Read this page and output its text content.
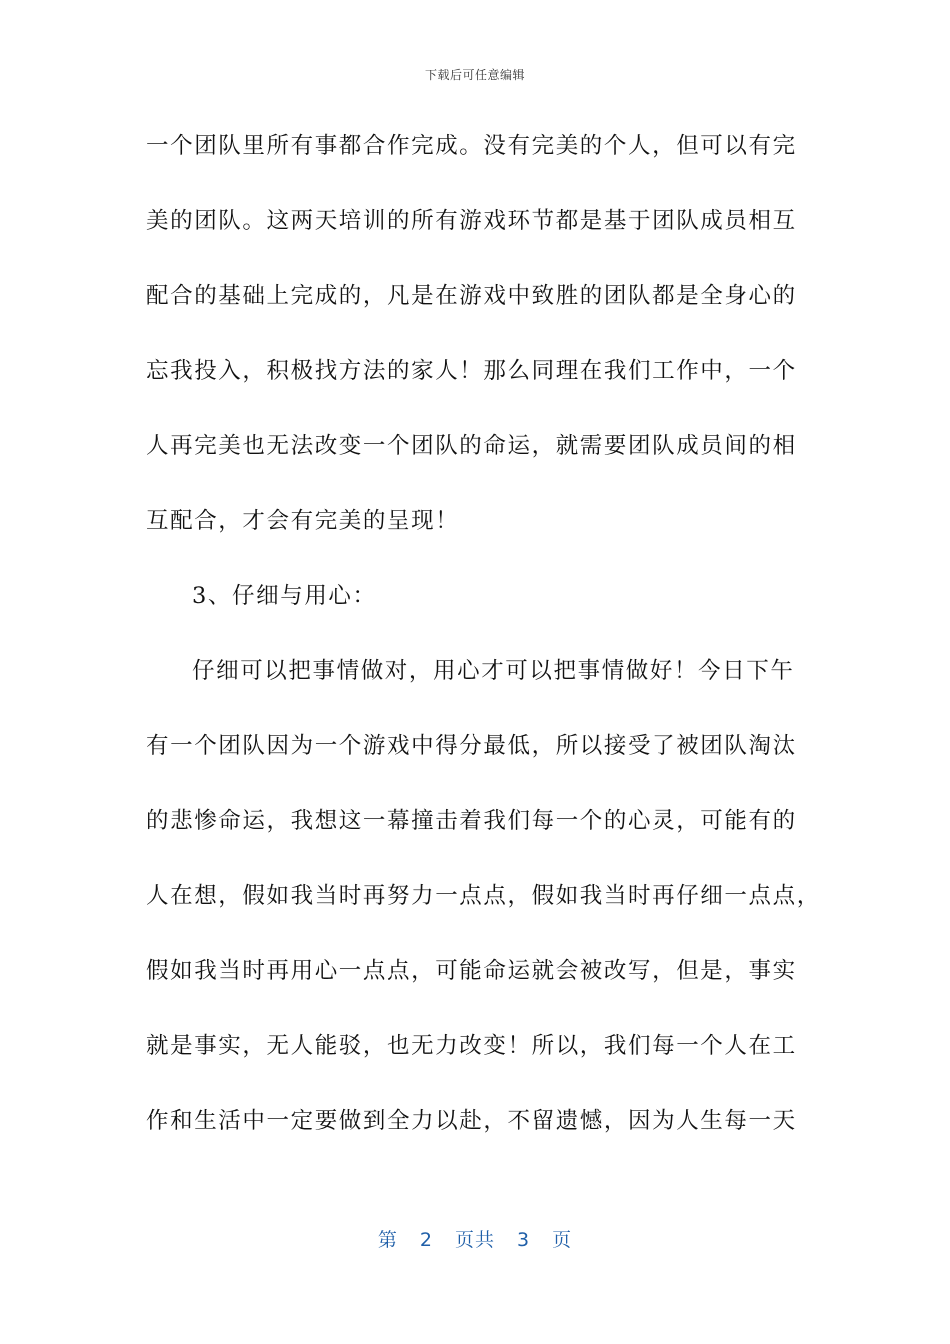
下载后可任意编辑
一个团队里所有事都合作完成。没有完美的个人，但可以有完
美的团队。这两天培训的所有游戏环节都是基于团队成员相互
配合的基础上完成的，凡是在游戏中致胜的团队都是全身心的
忘我投入，积极找方法的家人！那么同理在我们工作中，一个
人再完美也无法改变一个团队的命运，就需要团队成员间的相
互配合，才会有完美的呈现！
3、仔细与用心：
仔细可以把事情做对，用心才可以把事情做好！今日下午
有一个团队因为一个游戏中得分最低，所以接受了被团队淘汰
的悲惨命运，我想这一幕撞击着我们每一个的心灵，可能有的
人在想，假如我当时再努力一点点，假如我当时再仔细一点点，
假如我当时再用心一点点，可能命运就会被改写，但是，事实
就是事实，无人能驳，也无力改变！所以，我们每一个人在工
作和生活中一定要做到全力以赴，不留遗憾，因为人生每一天
第 2 页共 3 页
